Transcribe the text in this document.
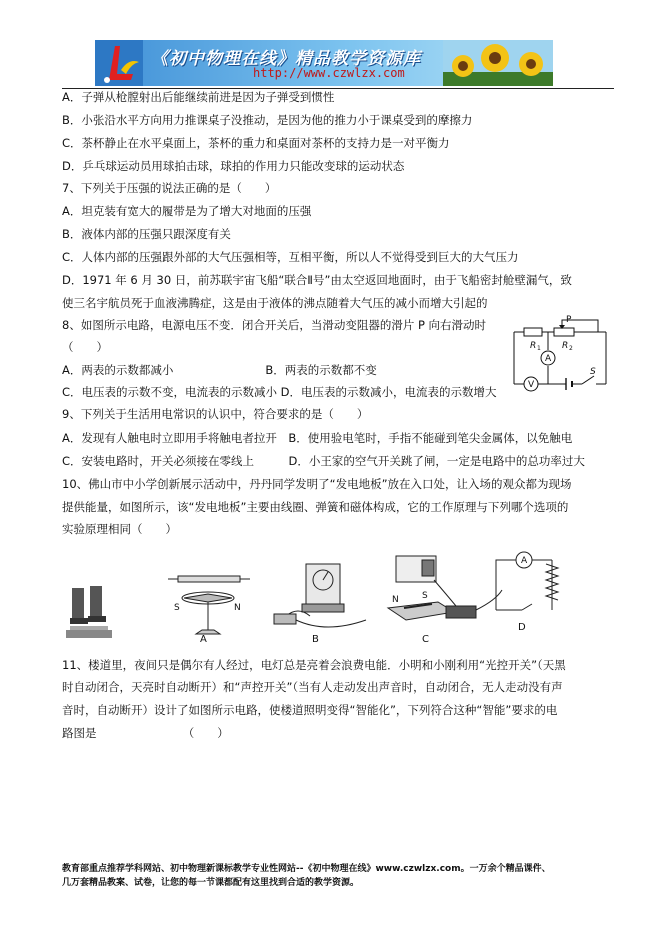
《初中物理在线》精品教学资源库
http://www.czwlzx.com
A．子弹从枪膛射出后能继续前进是因为子弹受到惯性
B．小张沿水平方向用力推课桌子没推动，是因为他的推力小于课桌受到的摩擦力
C．茶杯静止在水平桌面上，茶杯的重力和桌面对茶杯的支持力是一对平衡力
D．乒乓球运动员用球拍击球，球拍的作用力只能改变球的运动状态
7、下列关于压强的说法正确的是（　　）
A．坦克装有宽大的履带是为了增大对地面的压强
B．液体内部的压强只跟深度有关
C．人体内部的压强跟外部的大气压强相等，互相平衡，所以人不觉得受到巨大的大气压力
D．1971 年 6 月 30 日，前苏联宇宙飞船“联合Ⅱ号”由太空返回地面时，由于飞船密封舱壁漏气，致
使三名宇航员死于血液沸腾症，这是由于液体的沸点随着大气压的减小而增大引起的
8、如图所示电路，电源电压不变．闭合开关后，当滑动变阻器的滑片 P 向右滑动时
（　　）
A．两表的示数都减小　　　　　　　　B．两表的示数都不变
C．电压表的示数不变，电流表的示数减小 D．电压表的示数减小，电流表的示数增大
9、下列关于生活用电常识的认识中，符合要求的是（　　）
A．发现有人触电时立即用手将触电者拉开　B．使用验电笔时，手指不能碰到笔尖金属体，以免触电
C．安装电路时，开关必须接在零线上　　　D．小王家的空气开关跳了闸，一定是电路中的总功率过大
10、佛山市中小学创新展示活动中，丹丹同学发明了“发电地板”放在入口处，让入场的观众都为现场
提供能量，如图所示，该“发电地板”主要由线圈、弹簧和磁体构成，它的工作原理与下列哪个选项的
实验原理相同（　　）
11、楼道里，夜间只是偶尔有人经过，电灯总是亮着会浪费电能．小明和小刚利用“光控开关”（天黑
时自动闭合，天亮时自动断开）和“声控开关”（当有人走动发出声音时，自动闭合，无人走动没有声
音时，自动断开）设计了如图所示电路，使楼道照明变得“智能化”，下列符合这种“智能”要求的电
路图是　　　　　　　　（　　）
P
R 1 R 2
A
V
S
S	N
A	B
N	S
C
A
D
教育部重点推荐学科网站、初中物理新课标教学专业性网站--《初中物理在线》www.czwlzx.com。一万余个精品课件、
几万套精品教案、试卷，让您的每一节课都配有这里找到合适的教学资源。
